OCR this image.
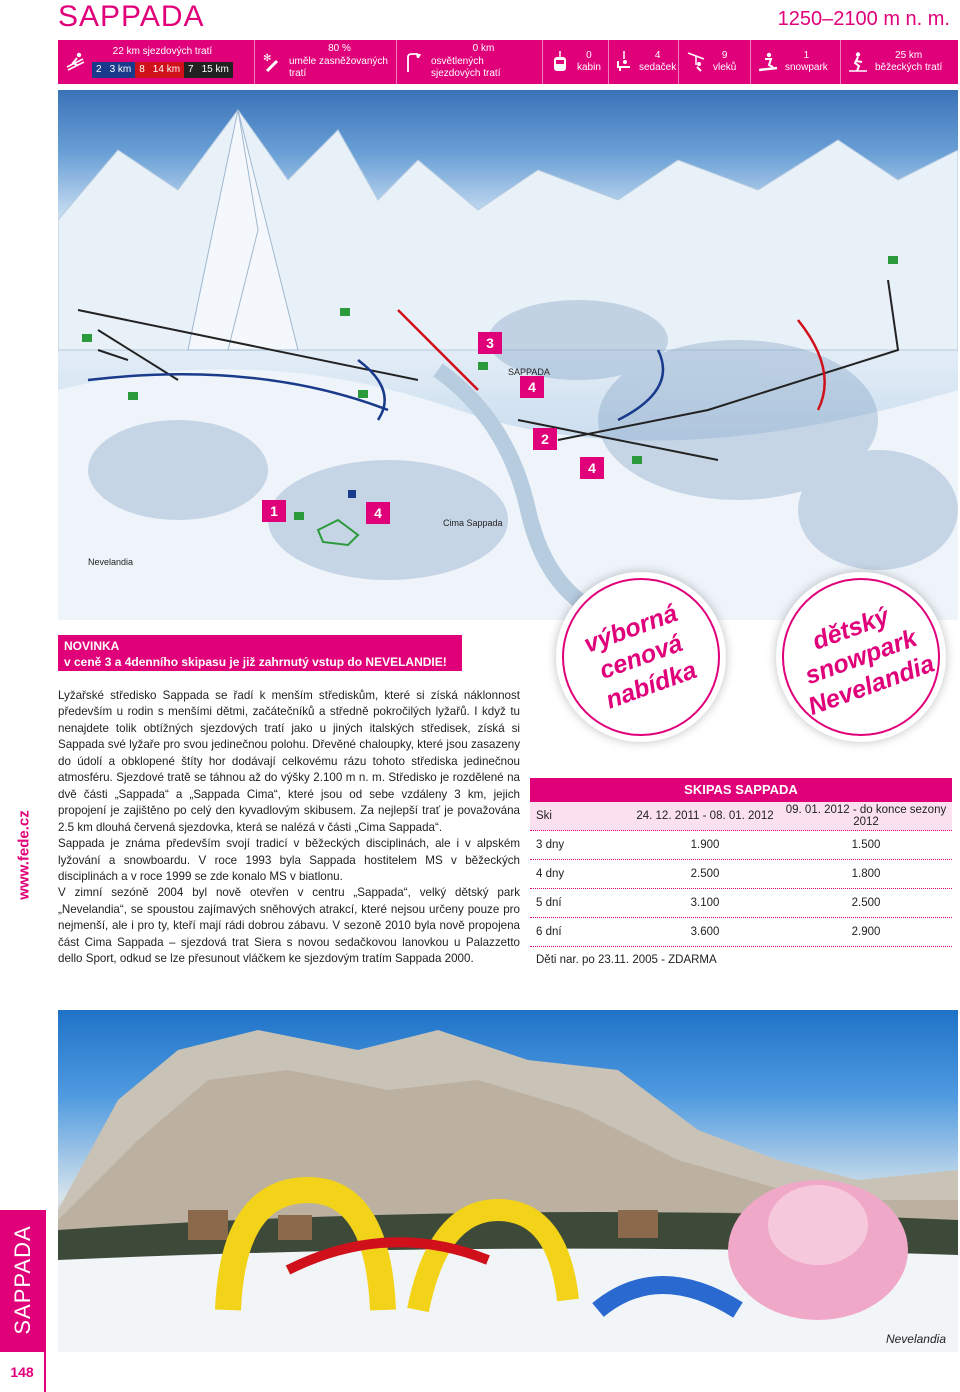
www.fede.cz
SAPPADA
148
SAPPADA	1250–2100 m n. m.
22 km sjezdových tratí
2 3 km 8 14 km 7 15 km
✻
80 %
uměle zasněžovaných tratí
0 km
osvětlených sjezdových tratí
0
kabin
4
sedaček
9
vleků
1
snowpark
25 km
běžeckých tratí
3
4
2
4
1	4
SAPPADA
Cima Sappada
Nevelandia
NOVINKA
v ceně 3 a 4denního skipasu je již zahrnutý vstup do NEVELANDIE!

Lyžařské středisko Sappada se řadí k menším střediskům, které si získá náklonnost především u rodin s menšími dětmi, začátečníků a středně pokročilých lyžařů. I když tu nenajdete tolik obtížných sjezdových tratí jako u jiných italských středisek, získá si Sappada své lyžaře pro svou jedinečnou polohu. Dřevěné chaloupky, které jsou zasazeny do údolí a obklopené štíty hor dodávají celkovému rázu tohoto střediska jedinečnou atmosféru. Sjezdové tratě se táhnou až do výšky 2.100 m n. m. Středisko je rozdělené na dvě části „Sappada“ a „Sappada Cima“, které jsou od sebe vzdáleny 3 km, jejich propojení je zajištěno po celý den kyvadlovým skibusem. Za nejlepší trať je považována 2.5 km dlouhá červená sjezdovka, která se nalézá v části „Cima Sappada“.

Sappada je známa především svojí tradicí v běžeckých disciplinách, ale i v alpském lyžování a snowboardu. V roce 1993 byla Sappada hostitelem MS v běžeckých disciplinách a v roce 1999 se zde konalo MS v biatlonu.

V zimní sezóně 2004 byl nově otevřen v centru „Sappada“, velký dětský park „Nevelandia“, se spoustou zajímavých sněhových atrakcí, které nejsou určeny pouze pro nejmenší, ale i pro ty, kteří mají rádi dobrou zábavu. V sezoně 2010 byla nově propojena část Cima Sappada – sjezdová trat Siera s novou sedačkovou lanovkou u Palazzetto dello Sport, odkud se lze přesunout vláčkem ke sjezdovým tratím Sappada 2000.

výborná cenová nabídka
dětský snowpark Nevelandia
SKIPAS SAPPADA
Ski	24. 12. 2011 - 08. 01. 2012	09. 01. 2012 - do konce sezony 2012
3 dny	1.900	1.500
4 dny	2.500	1.800
5 dní	3.100	2.500
6 dní	3.600	2.900
Děti nar. po 23.11. 2005 - ZDARMA
Nevelandia
